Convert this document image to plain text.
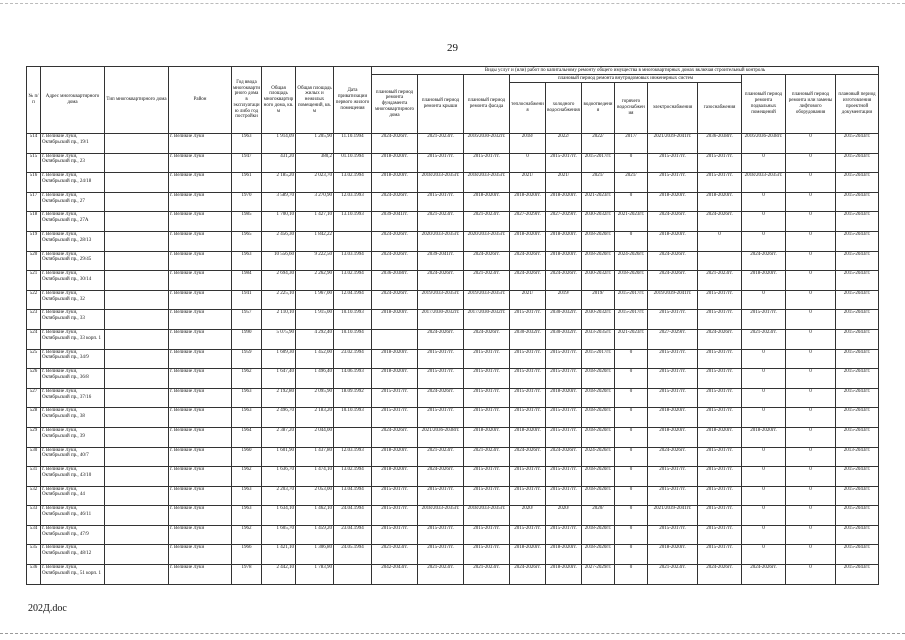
29
№ п/п	Адрес многоквартирного дома	Тип многоквартирного дома	Район	Год ввода многоквартирного дома в эксплуатацию либо год постройки	Общая площадь многоквартирного дома, кв. м	Общая площадь жилых и нежилых помещений, кв. м	Дата приватизации первого жилого помещения	Виды услуг и (или) работ по капитальному ремонту общего имущества в многоквартирных домах включая строительный контроль											
								плановый период ремонта фундамента многоквартирного дома	плановый период ремонта крыши	плановый период ремонта фасада	плановый период ремонта внутридомовых инженерных систем						плановый период ремонта подвальных помещений	плановый период ремонта или замены лифтового оборудования	плановый период изготовления проектной документации
											теплоснабжения	холодного водоснабжения	водоотведения	горячего водоснабжения	электроснабжения	газоснабжения			
514	г. Великие Луки, Октябрьский пр., 19/1		г. Великие Луки	1963	1 914,09	1 205,90	11.10.1994	2024-2026гг.	2021-2023гг.	2016/2030-2032гг.	2018/	2022/	2022/	2017/	2021/2039-2041гг.	2036-2038гг.	2016/2036-2038гг.	0	2015-2043гг.
515	г. Великие Луки, Октябрьский пр., 23		г. Великие Луки	1947	431,20	380,2	01.10.1994	2018-2020гг.	2015-2017гг.	2015-2017гг.	0	2015-2017гг.	2015-2017гг.	0	2015-2017гг.	2015-2017гг.	0	0	2015-2043гг.
516	г. Великие Луки, Октябрьский пр., 24/18		г. Великие Луки	1961	2 185,20	2 023,70	13.02.1994	2018-2020гг.	2018/2033-2035гг.	2018/2033-2035гг.	2021/	2021/	2021/	2021/	2015-2017гг.	2015-2017гг.	2018/2033-2035гг.	0	2015-2043гг.
517	г. Великие Луки, Октябрьский пр., 27		г. Великие Луки	1970	3 589,70	3 270,90	12.03.1993	2024-2026гг.	2015-2017гг.	2018-2020гг.	2018-2020гг.	2018-2020гг.	2021-2023гг.	0	2018-2020гг.	2018-2020гг.	0	0	2015-2043гг.
518	г. Великие Луки, Октябрьский пр., 27А		г. Великие Луки	1985	1 700,10	1 427,10	13.10.1993	2039-2041гг.	2021-2023гг.	2021-2023гг.	2027-2029гг.	2027-2029гг.	2030-2032гг.	2021-2023гг.	2024-2026гг.	2024-2026гг.	0	0	2015-2043гг.
519	г. Великие Луки, Октябрьский пр., 28/13		г. Великие Луки	1965	2 456,30	1 842,22		2024-2026гг.	2020/2033-2035гг.	2020/2033-2035гг.	2018-2020гг.	2018-2020гг.	2018-2020гг.	0	2018-2020гг.	0	0	0	2015-2043гг.
520	г. Великие Луки, Октябрьский пр., 29/45		г. Великие Луки	1963	10 556,60	9 222,50	13.03.1994	2024-2026гг.	2039-2041гг.	2024-2026гг.	2024-2026гг.	2018-2020гг.	2018-2020гг.	2024-2026гг.	2024-2026гг.		2024-2026гг.	0	2015-2043гг.
521	г. Великие Луки, Октябрьский пр., 30/14		г. Великие Луки	1984	2 694,30	2 262,90	13.02.1994	2036-2038гг.	2024-2026гг.	2021-2023гг.	2024-2026гг.	2024-2026гг.	2030-2032гг.	2018-2020гг.	2024-2026гг.	2021-2023гг.	2018-2020гг.	0	2015-2043гг.
522	г. Великие Луки, Октябрьский пр., 32		г. Великие Луки	1941	2 225,10	1 967,00	12.04.1994	2024-2026гг.	2019/2033-2035гг.	2019/2033-2035гг.	2021/	2019/	2019/	2015-2017гг.	2019/2039-2041гг.	2015-2017гг.	0	0	2015-2043гг.
523	г. Великие Луки, Октябрьский пр., 33		г. Великие Луки	1957	2 110,10	1 915,00	10.10.1993	2018-2020гг.	2017/2030-2032гг.	2017/2030-2032гг.	2015-2017гг.	2030-2032гг.	2030-2032гг.	2015-2017гг.	2015-2017гг.	2015-2017гг.	2015-2017гг.	0	2015-2043гг.
524	г. Великие Луки, Октябрьский пр., 33 корп. 1		г. Великие Луки	1990	5 075,90	4 292,40	10.10.1994		2024-2026гг.	2024-2026гг.	2030-2032гг.	2030-2032гг.	2033-2035гг.	2021-2023гг.	2027-2029гг.	2024-2026гг.	2021-2023гг.	0	2015-2043гг.
525	г. Великие Луки, Октябрьский пр., 34/9		г. Великие Луки	1959	1 609,30	1 452,00	23.02.1994	2018-2020гг.	2015-2017гг.	2015-2017гг.	2015-2017гг.	2015-2017гг.	2015-2017гг.	0	2015-2017гг.	2015-2017гг.	0	0	2015-2043гг.
526	г. Великие Луки, Октябрьский пр., 36/8		г. Великие Луки	1962	1 647,40	1 496,40	14.06.1993	2018-2020гг.	2015-2017гг.	2015-2017гг.	2015-2017гг.	2015-2017гг.	2018-2020гг.	0	2015-2017гг.	2015-2017гг.	0	0	2015-2043гг.
527	г. Великие Луки, Октябрьский пр., 37/16		г. Великие Луки	1963	2 192,80	2 095,90	18.09.1992	2015-2017гг.	2024-2026гг.	2015-2017гг.	2015-2017гг.	2018-2020гг.	2018-2020гг.	0	2015-2017гг.	2015-2017гг.	0	0	2015-2043гг.
528	г. Великие Луки, Октябрьский пр., 38		г. Великие Луки	1963	2 496,70	2 183,20	10.10.1993	2015-2017гг.	2015-2017гг.	2015-2017гг.	2015-2017гг.	2015-2017гг.	2018-2020гг.	0	2018-2020гг.	2015-2017гг.	0	0	2015-2043гг.
529	г. Великие Луки, Октябрьский пр., 39		г. Великие Луки	1964	2 387,20	2 044,00		2024-2026гг.	2021/2036-2038гг.	2018-2020гг.	2018-2020гг.	2015-2017гг.	2018-2020гг.	0	2018-2020гг.	2018-2020гг.	2018-2020гг.	0	2015-2043гг.
530	г. Великие Луки, Октябрьский пр., 40/7		г. Великие Луки	1960	1 601,90	1 437,80	12.03.1993	2018-2020гг.	2021-2023гг.	2021-2023гг.	2024-2026гг.	2024-2026гг.	2024-2026гг.	0	2024-2026гг.	2015-2017гг.	0	0	2013-2043гг.
531	г. Великие Луки, Октябрьский пр., 43/10		г. Великие Луки	1962	1 636,70	1 474,10	13.02.1994	2018-2020гг.	2024-2026гг.	2015-2017гг.	2015-2017гг.	2015-2017гг.	2018-2020гг.	0	2015-2017гг.	2015-2017гг.	0	0	2015-2043гг.
532	г. Великие Луки, Октябрьский пр., 44		г. Великие Луки	1963	2 203,70	2 053,00	13.04.1994	2015-2017гг.	2015-2017гг.	2015-2017гг.	2015-2017гг.	2015-2017гг.	2018-2020гг.	0	2015-2017гг.	2015-2017гг.	0	0	2015-2043гг.
533	г. Великие Луки, Октябрьский пр., 46/11		г. Великие Луки	1963	1 634,10	1 462,10	24.04.1994	2015-2017гг.	2018/2033-2035гг.	2018/2033-2035гг.	2020/	2020/	2020/	0	2021/2039-2041гг.	2015-2017гг.	0	0	2015-2043гг.
534	г. Великие Луки, Октябрьский пр., 47/9		г. Великие Луки	1962	1 605,70	1 459,20	23.04.1994	2015-2017гг.	2015-2017гг.	2015-2017гг.	2015-2017гг.	2015-2017гг.	2018-2020гг.	0	2015-2017гг.	2015-2017гг.	0	0	2015-2043гг.
535	г. Великие Луки, Октябрьский пр., 48/12		г. Великие Луки	1966	1 421,10	1 306,80	24.05.1994	2021-2023гг.	2015-2017гг.	2015-2017гг.	2018-2020гг.	2018-2020гг.	2018-2020гг.	0	2018-2020гг.	2015-2017гг.	0	0	2015-2043гг.
536	г. Великие Луки, Октябрьский пр., 51 корп. 1		г. Великие Луки	1978	2 442,10	1 783,90		2042-2043гг.	2021-2023гг.	2021-2023гг.	2024-2026гг.	2018-2020гг.	2027-2029гг.	0	2021-2023гг.	2024-2026гг.	2024-2026гг.	0	2015-2043гг.
202Д.doc
